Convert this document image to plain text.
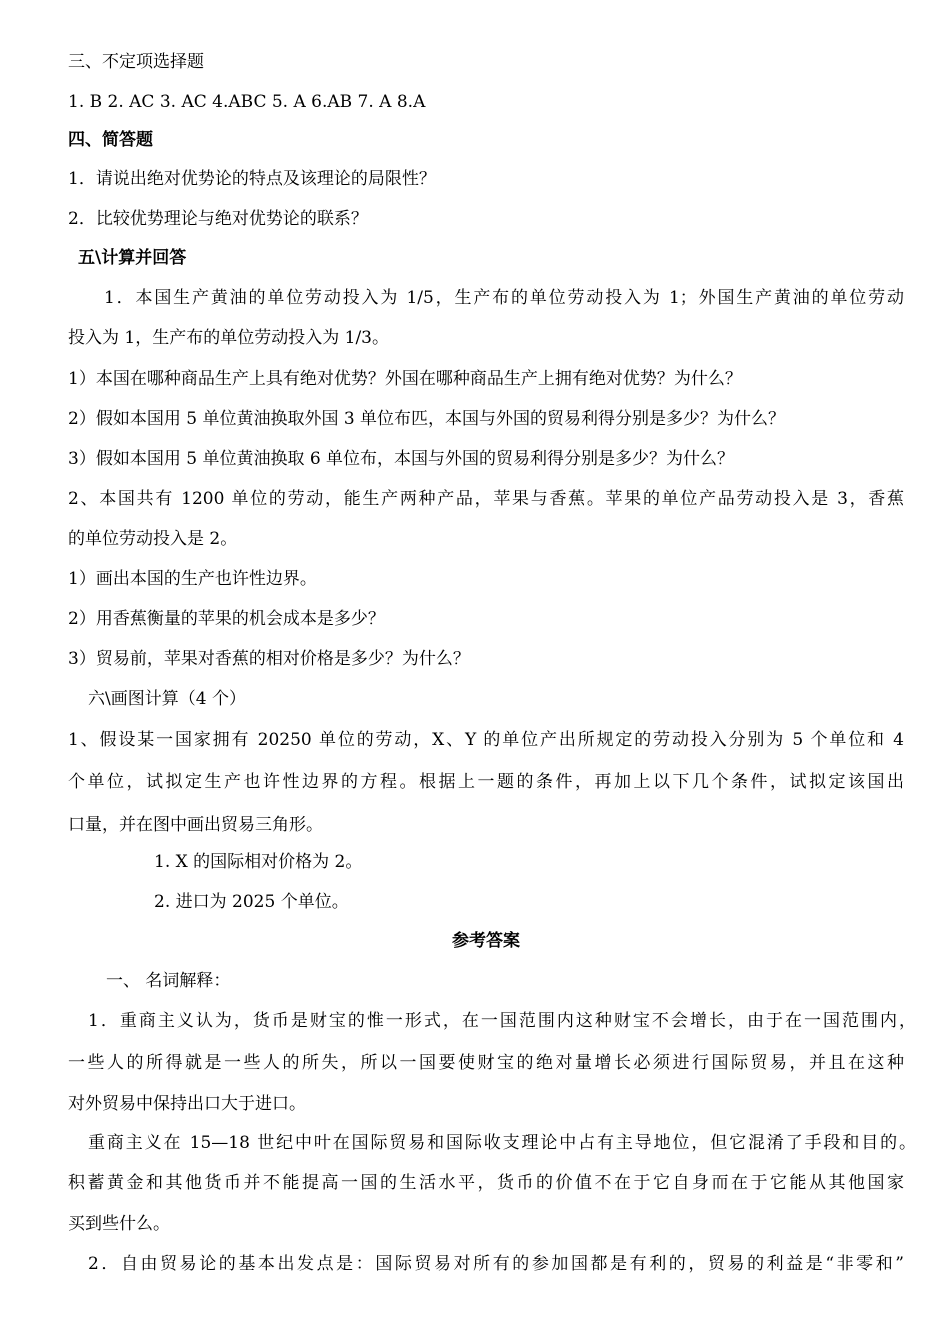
三、不定项选择题
1. B 2. AC 3. AC 4.ABC 5. A 6.AB 7. A 8.A
四、简答题
1．请说出绝对优势论的特点及该理论的局限性？
2．比较优势理论与绝对优势论的联系？
五\计算并回答
1．本国生产黄油的单位劳动投入为 1/5，生产布的单位劳动投入为 1；外国生产黄油的单位劳动
投入为 1，生产布的单位劳动投入为 1/3。
1）本国在哪种商品生产上具有绝对优势？外国在哪种商品生产上拥有绝对优势？为什么？
2）假如本国用 5 单位黄油换取外国 3 单位布匹，本国与外国的贸易利得分别是多少？为什么？
3）假如本国用 5 单位黄油换取 6 单位布，本国与外国的贸易利得分别是多少？为什么？
2、本国共有 1200 单位的劳动，能生产两种产品，苹果与香蕉。苹果的单位产品劳动投入是 3，香蕉
的单位劳动投入是 2。
1）画出本国的生产也许性边界。
2）用香蕉衡量的苹果的机会成本是多少？
3）贸易前，苹果对香蕉的相对价格是多少？为什么？
六\画图计算（4 个）
1、假设某一国家拥有 20250 单位的劳动，X、Y 的单位产出所规定的劳动投入分别为 5 个单位和 4
个单位，试拟定生产也许性边界的方程。根据上一题的条件，再加上以下几个条件，试拟定该国出
口量，并在图中画出贸易三角形。
1. X 的国际相对价格为 2。
2. 进口为 2025 个单位。
参考答案
一、 名词解释：
1．重商主义认为，货币是财宝的惟一形式，在一国范围内这种财宝不会增长，由于在一国范围内，
一些人的所得就是一些人的所失，所以一国要使财宝的绝对量增长必须进行国际贸易，并且在这种
对外贸易中保持出口大于进口。
重商主义在 15—18 世纪中叶在国际贸易和国际收支理论中占有主导地位，但它混淆了手段和目的。
积蓄黄金和其他货币并不能提高一国的生活水平，货币的价值不在于它自身而在于它能从其他国家
买到些什么。
2．自由贸易论的基本出发点是：国际贸易对所有的参加国都是有利的，贸易的利益是“非零和”
